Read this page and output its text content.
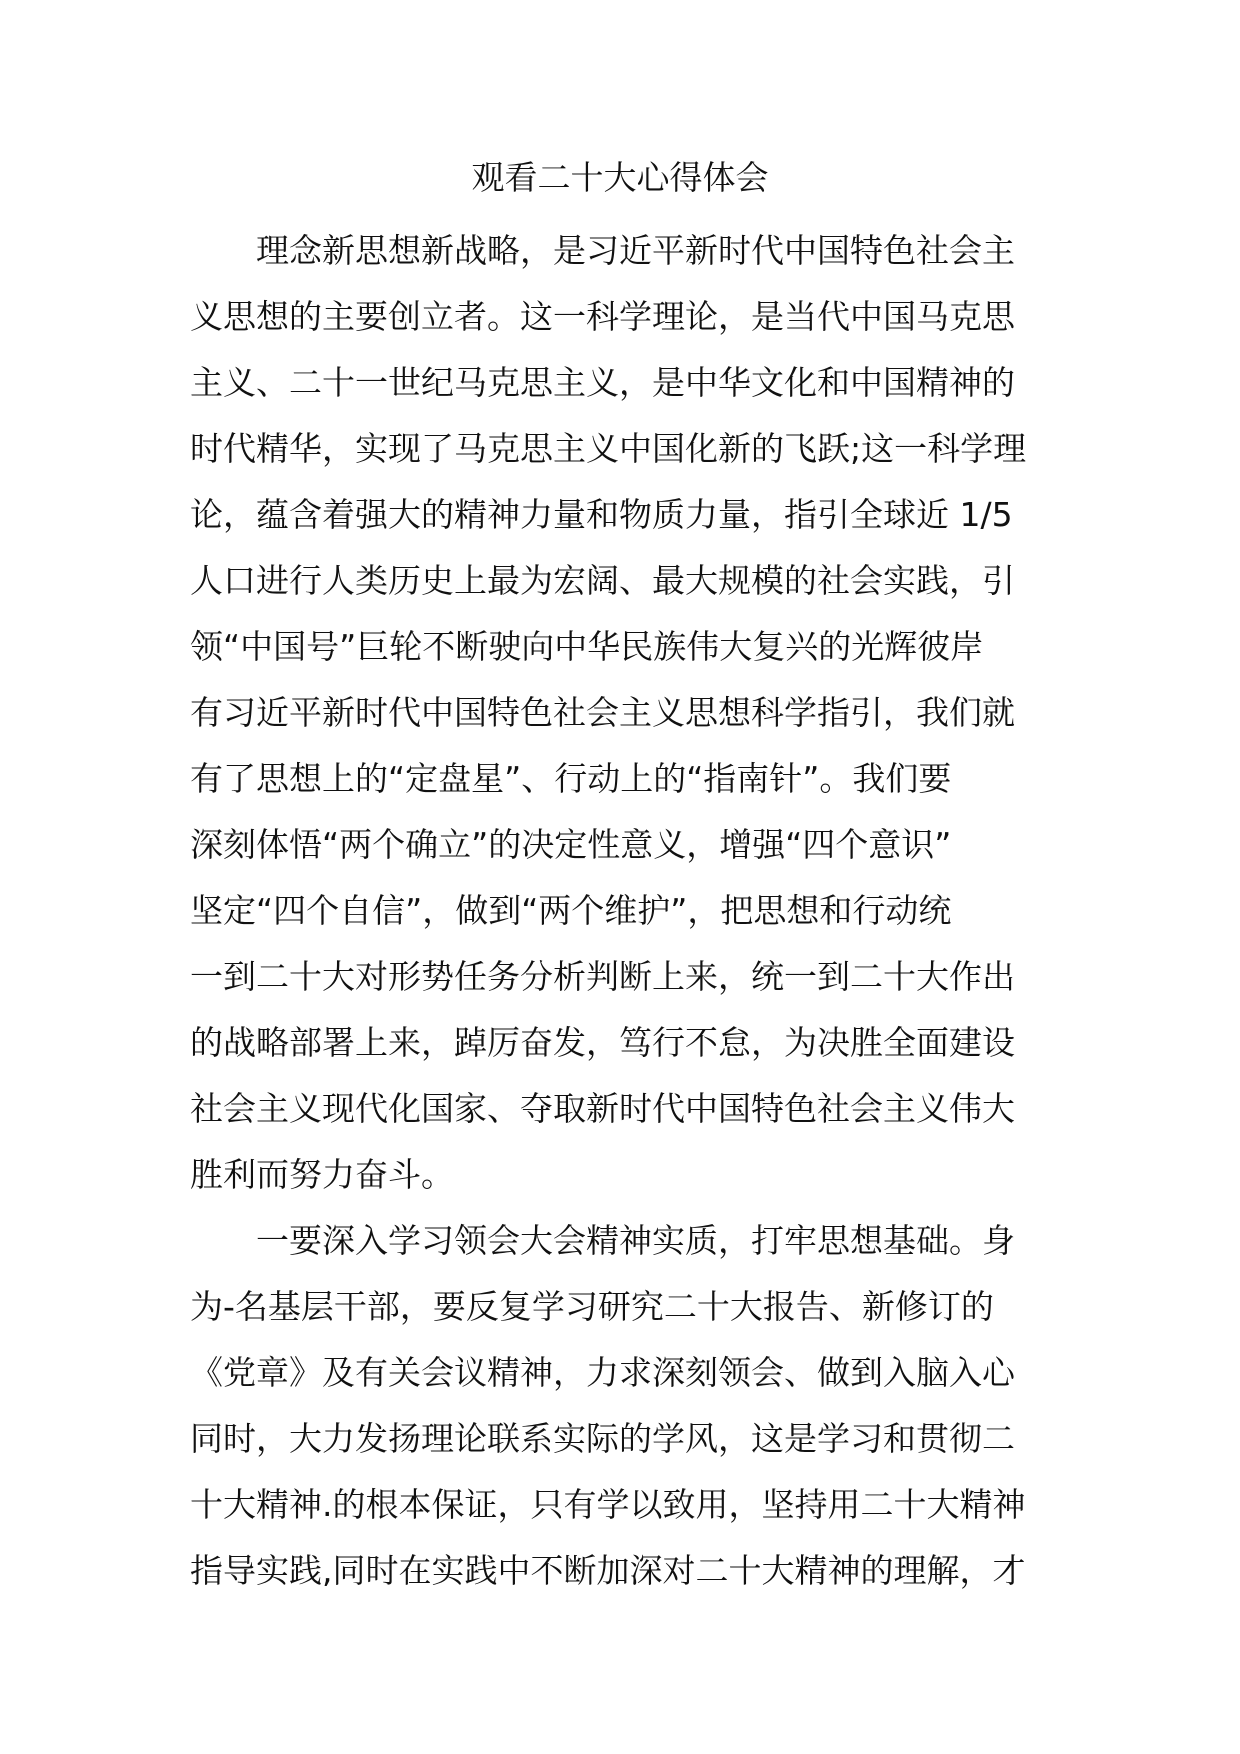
观看二十大心得体会
理念新思想新战略，是习近平新时代中国特色社会主
义思想的主要创立者。这一科学理论，是当代中国马克思
主义、二十一世纪马克思主义，是中华文化和中国精神的
时代精华，实现了马克思主义中国化新的飞跃;这一科学理
论，蕴含着强大的精神力量和物质力量，指引全球近 1/5
人口进行人类历史上最为宏阔、最大规模的社会实践，引
领“中国号”巨轮不断驶向中华民族伟大复兴的光辉彼岸
有习近平新时代中国特色社会主义思想科学指引，我们就
有了思想上的“定盘星”、行动上的“指南针”。我们要
深刻体悟“两个确立”的决定性意义，增强“四个意识”
坚定“四个自信”，做到“两个维护”，把思想和行动统
一到二十大对形势任务分析判断上来，统一到二十大作出
的战略部署上来，踔厉奋发，笃行不怠，为决胜全面建设
社会主义现代化国家、夺取新时代中国特色社会主义伟大
胜利而努力奋斗。
一要深入学习领会大会精神实质，打牢思想基础。身
为-名基层干部，要反复学习研究二十大报告、新修订的
《党章》及有关会议精神，力求深刻领会、做到入脑入心
同时，大力发扬理论联系实际的学风，这是学习和贯彻二
十大精神.的根本保证，只有学以致用，坚持用二十大精神
指导实践,同时在实践中不断加深对二十大精神的理解，才
